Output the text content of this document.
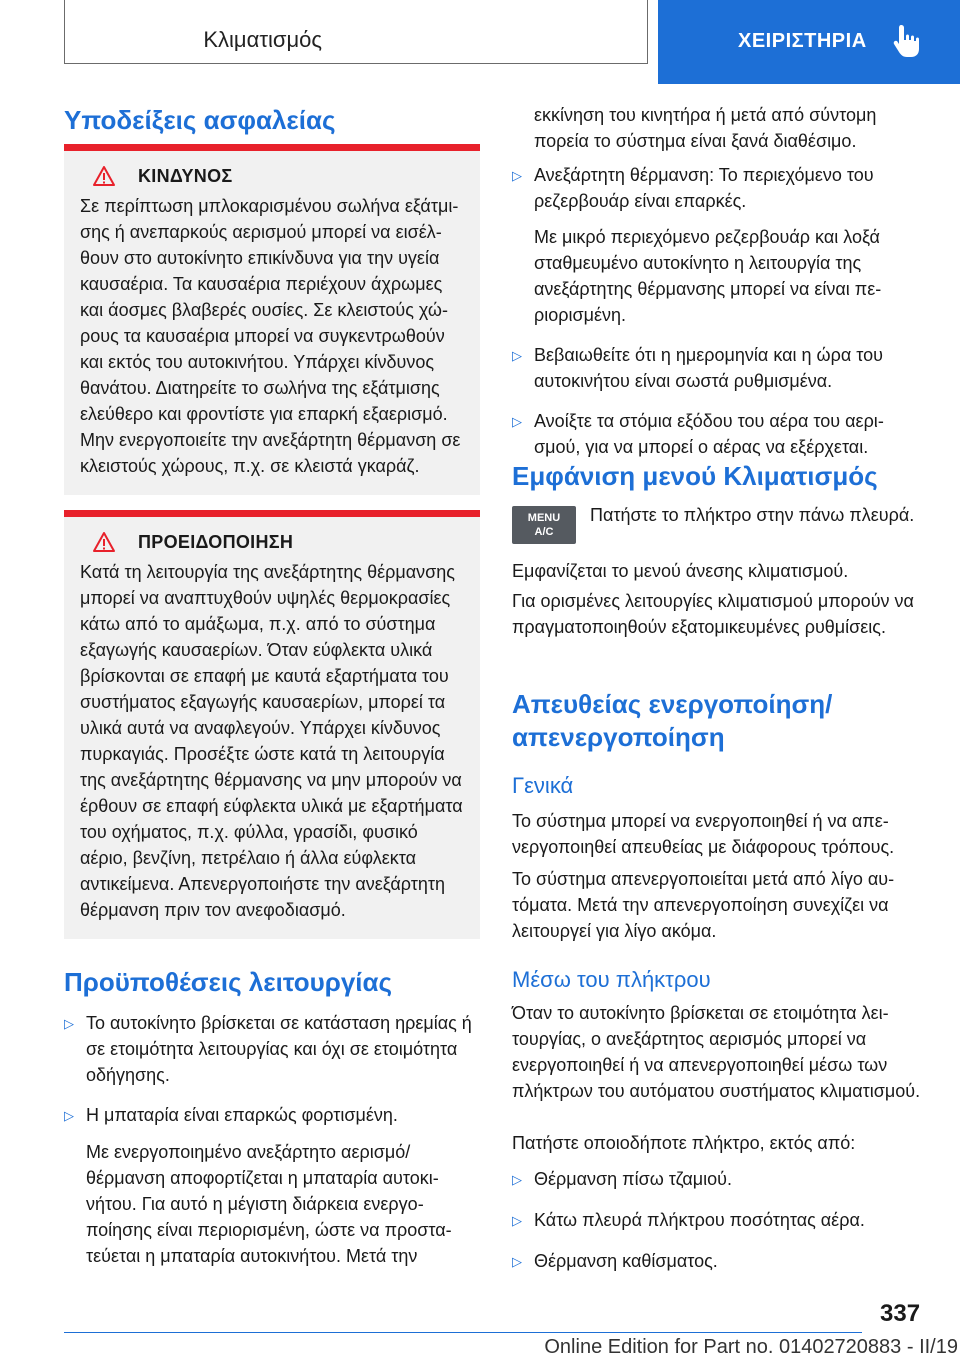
Κλιματισμός	ΧΕΙΡΙΣΤΗΡΙΑ
Υποδείξεις ασφαλείας
ΚΙΝΔΥΝΟΣ
Σε περίπτωση μπλοκαρισμένου σωλήνα εξάτμισης ή ανεπαρκούς αερισμού μπορεί να εισέλθουν στο αυτοκίνητο επικίνδυνα για την υγεία καυσαέρια. Τα καυσαέρια περιέχουν άχρωμες και άοσμες βλαβερές ουσίες. Σε κλειστούς χώρους τα καυσαέρια μπορεί να συγκεντρωθούν και εκτός του αυτοκινήτου. Υπάρχει κίνδυνος θανάτου. Διατηρείτε το σωλήνα της εξάτμισης ελεύθερο και φροντίστε για επαρκή εξαερισμό. Μην ενεργοποιείτε την ανεξάρτητη θέρμανση σε κλειστούς χώρους, π.χ. σε κλειστά γκαράζ.
ΠΡΟΕΙΔΟΠΟΙΗΣΗ
Κατά τη λειτουργία της ανεξάρτητης θέρμανσης μπορεί να αναπτυχθούν υψηλές θερμοκρασίες κάτω από το αμάξωμα, π.χ. από το σύστημα εξαγωγής καυσαερίων. Όταν εύφλεκτα υλικά βρίσκονται σε επαφή με καυτά εξαρτήματα του συστήματος εξαγωγής καυσαερίων, μπορεί τα υλικά αυτά να αναφλεγούν. Υπάρχει κίνδυνος πυρκαγιάς. Προσέξτε ώστε κατά τη λειτουργία της ανεξάρτητης θέρμανσης να μην μπορούν να έρθουν σε επαφή εύφλεκτα υλικά με εξαρτήματα του οχήματος, π.χ. φύλλα, γρασίδι, φυσικό αέριο, βενζίνη, πετρέλαιο ή άλλα εύφλεκτα αντικείμενα. Απενεργοποιήστε την ανεξάρτητη θέρμανση πριν τον ανεφοδιασμό.
Προϋποθέσεις λειτουργίας
▷ Το αυτοκίνητο βρίσκεται σε κατάσταση ηρεμίας ή σε ετοιμότητα λειτουργίας και όχι σε ετοιμότητα οδήγησης.
▷ Η μπαταρία είναι επαρκώς φορτισμένη.
Με ενεργοποιημένο ανεξάρτητο αερισμό/ θέρμανση αποφορτίζεται η μπαταρία αυτοκινήτου. Για αυτό η μέγιστη διάρκεια ενεργοποίησης είναι περιορισμένη, ώστε να προστατεύεται η μπαταρία αυτοκινήτου. Μετά την
εκκίνηση του κινητήρα ή μετά από σύντομη πορεία το σύστημα είναι ξανά διαθέσιμο.
▷ Ανεξάρτητη θέρμανση: Το περιεχόμενο του ρεζερβουάρ είναι επαρκές.
Με μικρό περιεχόμενο ρεζερβουάρ και λοξά σταθμευμένο αυτοκίνητο η λειτουργία της ανεξάρτητης θέρμανσης μπορεί να είναι περιορισμένη.
▷ Βεβαιωθείτε ότι η ημερομηνία και η ώρα του αυτοκινήτου είναι σωστά ρυθμισμένα.
▷ Ανοίξτε τα στόμια εξόδου του αέρα του αερισμού, για να μπορεί ο αέρας να εξέρχεται.
Εμφάνιση μενού Κλιματισμός
MENU
A/C

Πατήστε το πλήκτρο στην πάνω πλευρά.

Εμφανίζεται το μενού άνεσης κλιματισμού.

Για ορισμένες λειτουργίες κλιματισμού μπορούν να πραγματοποιηθούν εξατομικευμένες ρυθμίσεις.

Απευθείας ενεργοποίηση/ απενεργοποίηση
Γενικά

Το σύστημα μπορεί να ενεργοποιηθεί ή να απενεργοποιηθεί απευθείας με διάφορους τρόπους.

Το σύστημα απενεργοποιείται μετά από λίγο αυτόματα. Μετά την απενεργοποίηση συνεχίζει να λειτουργεί για λίγο ακόμα.

Μέσω του πλήκτρου

Όταν το αυτοκίνητο βρίσκεται σε ετοιμότητα λειτουργίας, ο ανεξάρτητος αερισμός μπορεί να ενεργοποιηθεί ή να απενεργοποιηθεί μέσω των πλήκτρων του αυτόματου συστήματος κλιματισμού.

Πατήστε οποιοδήποτε πλήκτρο, εκτός από:

▷ Θέρμανση πίσω τζαμιού.
▷ Κάτω πλευρά πλήκτρου ποσότητας αέρα.
▷ Θέρμανση καθίσματος.
337
Online Edition for Part no. 01402720883 - II/19
